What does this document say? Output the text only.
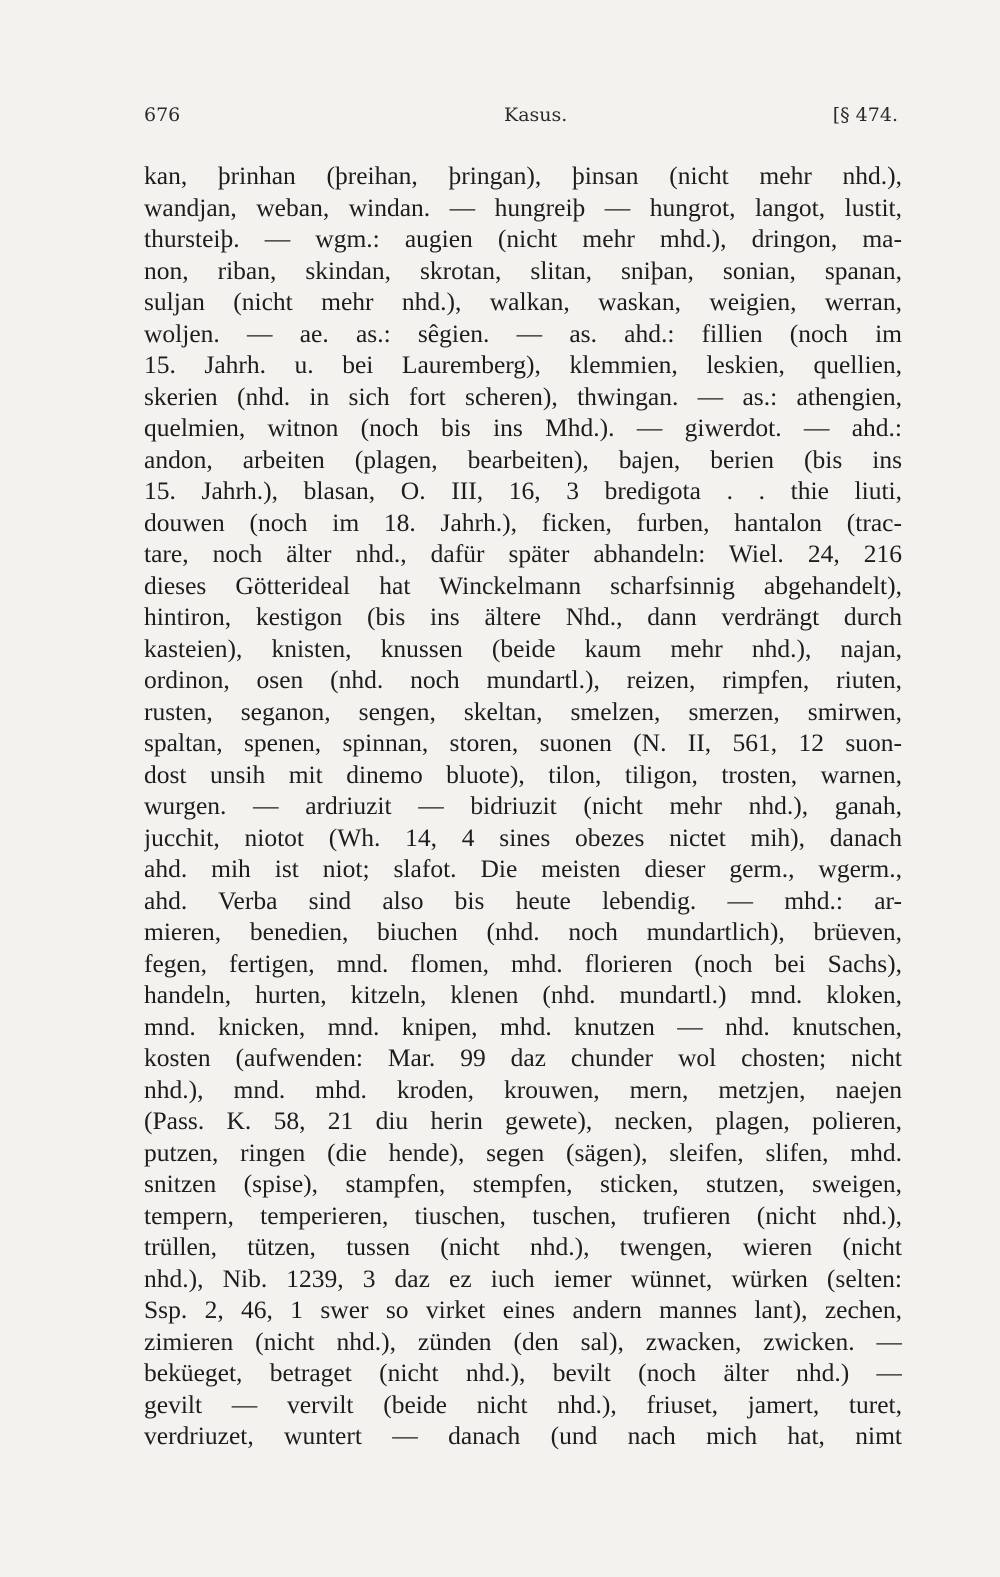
676	Kasus.	[§ 474.
kan, þrinhan (þreihan, þringan), þinsan (nicht mehr nhd.),
wandjan, weban, windan. — hungreiþ — hungrot, langot, lustit,
thursteiþ. — wgm.: augien (nicht mehr mhd.), dringon, ma-
non, riban, skindan, skrotan, slitan, sniþan, sonian, spanan,
suljan (nicht mehr nhd.), walkan, waskan, weigien, werran,
woljen. — ae. as.: sêgien. — as. ahd.: fillien (noch im
15. Jahrh. u. bei Lauremberg), klemmien, leskien, quellien,
skerien (nhd. in sich fort scheren), thwingan. — as.: athengien,
quelmien, witnon (noch bis ins Mhd.). — giwerdot. — ahd.:
andon, arbeiten (plagen, bearbeiten), bajen, berien (bis ins
15. Jahrh.), blasan, O. III, 16, 3 bredigota . . thie liuti,
douwen (noch im 18. Jahrh.), ficken, furben, hantalon (trac-
tare, noch älter nhd., dafür später abhandeln: Wiel. 24, 216
dieses Götterideal hat Winckelmann scharfsinnig abgehandelt),
hintiron, kestigon (bis ins ältere Nhd., dann verdrängt durch
kasteien), knisten, knussen (beide kaum mehr nhd.), najan,
ordinon, osen (nhd. noch mundartl.), reizen, rimpfen, riuten,
rusten, seganon, sengen, skeltan, smelzen, smerzen, smirwen,
spaltan, spenen, spinnan, storen, suonen (N. II, 561, 12 suon-
dost unsih mit dinemo bluote), tilon, tiligon, trosten, warnen,
wurgen. — ardriuzit — bidriuzit (nicht mehr nhd.), ganah,
jucchit, niotot (Wh. 14, 4 sines obezes nictet mih), danach
ahd. mih ist niot; slafot. Die meisten dieser germ., wgerm.,
ahd. Verba sind also bis heute lebendig. — mhd.: ar-
mieren, benedien, biuchen (nhd. noch mundartlich), brüeven,
fegen, fertigen, mnd. flomen, mhd. florieren (noch bei Sachs),
handeln, hurten, kitzeln, klenen (nhd. mundartl.) mnd. kloken,
mnd. knicken, mnd. knipen, mhd. knutzen — nhd. knutschen,
kosten (aufwenden: Mar. 99 daz chunder wol chosten; nicht
nhd.), mnd. mhd. kroden, krouwen, mern, metzjen, naejen
(Pass. K. 58, 21 diu herin gewete), necken, plagen, polieren,
putzen, ringen (die hende), segen (sägen), sleifen, slifen, mhd.
snitzen (spise), stampfen, stempfen, sticken, stutzen, sweigen,
tempern, temperieren, tiuschen, tuschen, trufieren (nicht nhd.),
trüllen, tützen, tussen (nicht nhd.), twengen, wieren (nicht
nhd.), Nib. 1239, 3 daz ez iuch iemer wünnet, würken (selten:
Ssp. 2, 46, 1 swer so virket eines andern mannes lant), zechen,
zimieren (nicht nhd.), zünden (den sal), zwacken, zwicken. —
beküeget, betraget (nicht nhd.), bevilt (noch älter nhd.) —
gevilt — vervilt (beide nicht nhd.), friuset, jamert, turet,
verdriuzet, wuntert — danach (und nach mich hat, nimt
